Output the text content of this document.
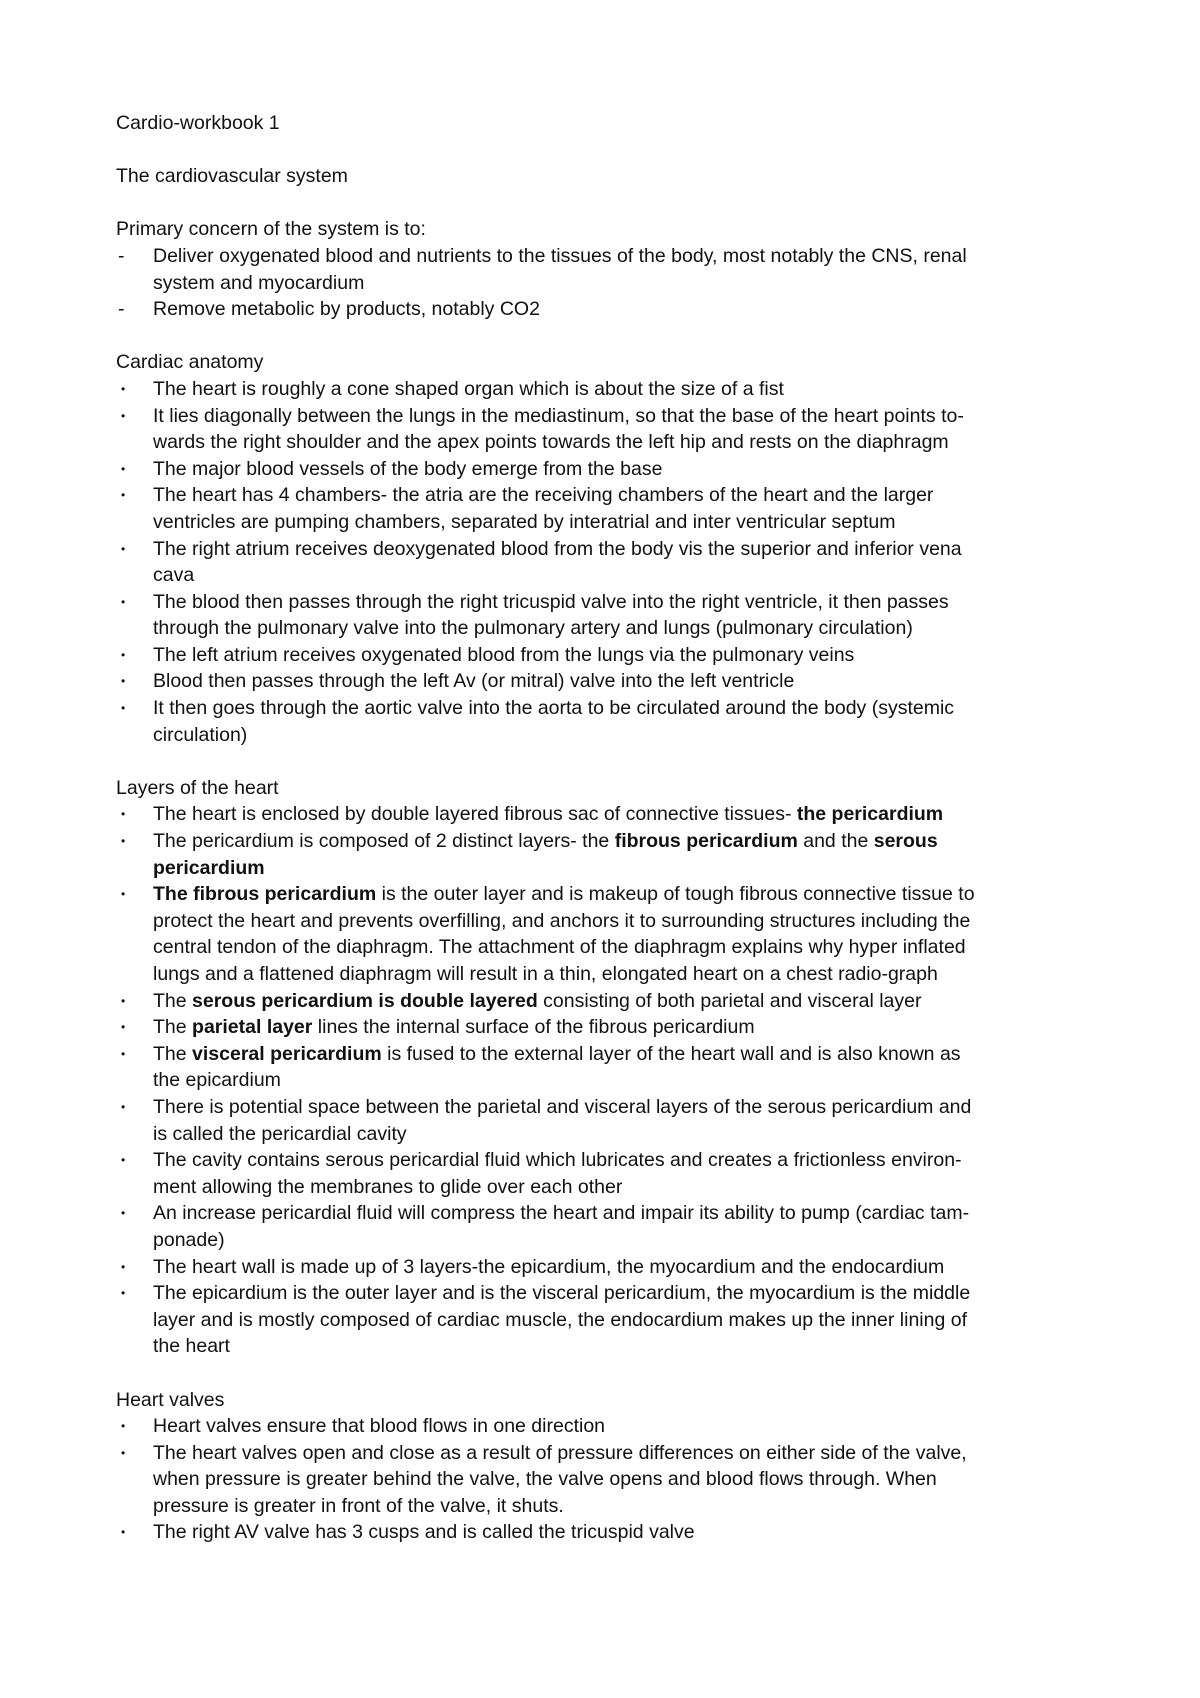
Cardio-workbook 1

The cardiovascular system

Primary concern of the system is to:

-	Deliver oxygenated blood and nutrients to the tissues of the body, most notably the CNS, renal
system and myocardium
-	Remove metabolic by products, notably CO2

Cardiac anatomy

•	The heart is roughly a cone shaped organ which is about the size of a fist
•	It lies diagonally between the lungs in the mediastinum, so that the base of the heart points to-
wards the right shoulder and the apex points towards the left hip and rests on the diaphragm
•	The major blood vessels of the body emerge from the base
•	The heart has 4 chambers- the atria are the receiving chambers of the heart and the larger
ventricles are pumping chambers, separated by interatrial and inter ventricular septum
•	The right atrium receives deoxygenated blood from the body vis the superior and inferior vena
cava
•	The blood then passes through the right tricuspid valve into the right ventricle, it then passes
through the pulmonary valve into the pulmonary artery and lungs (pulmonary circulation)
•	The left atrium receives oxygenated blood from the lungs via the pulmonary veins
•	Blood then passes through the left Av (or mitral) valve into the left ventricle
•	It then goes through the aortic valve into the aorta to be circulated around the body (systemic
circulation)

Layers of the heart

•	The heart is enclosed by double layered fibrous sac of connective tissues- the pericardium
•	The pericardium is composed of 2 distinct layers- the fibrous pericardium and the serous
pericardium
•	The fibrous pericardium is the outer layer and is makeup of tough fibrous connective tissue to
protect the heart and prevents overfilling, and anchors it to surrounding structures including the
central tendon of the diaphragm. The attachment of the diaphragm explains why hyper inflated
lungs and a flattened diaphragm will result in a thin, elongated heart on a chest radio-graph
•	The serous pericardium is double layered consisting of both parietal and visceral layer
•	The parietal layer lines the internal surface of the fibrous pericardium
•	The visceral pericardium is fused to the external layer of the heart wall and is also known as
the epicardium
•	There is potential space between the parietal and visceral layers of the serous pericardium and
is called the pericardial cavity
•	The cavity contains serous pericardial fluid which lubricates and creates a frictionless environ-
ment allowing the membranes to glide over each other
•	An increase pericardial fluid will compress the heart and impair its ability to pump (cardiac tam-
ponade)
•	The heart wall is made up of 3 layers-the epicardium, the myocardium and the endocardium
•	The epicardium is the outer layer and is the visceral pericardium, the myocardium is the middle
layer and is mostly composed of cardiac muscle, the endocardium makes up the inner lining of
the heart

Heart valves

•	Heart valves ensure that blood flows in one direction
•	The heart valves open and close as a result of pressure differences on either side of the valve,
when pressure is greater behind the valve, the valve opens and blood flows through. When
pressure is greater in front of the valve, it shuts.
•	The right AV valve has 3 cusps and is called the tricuspid valve
